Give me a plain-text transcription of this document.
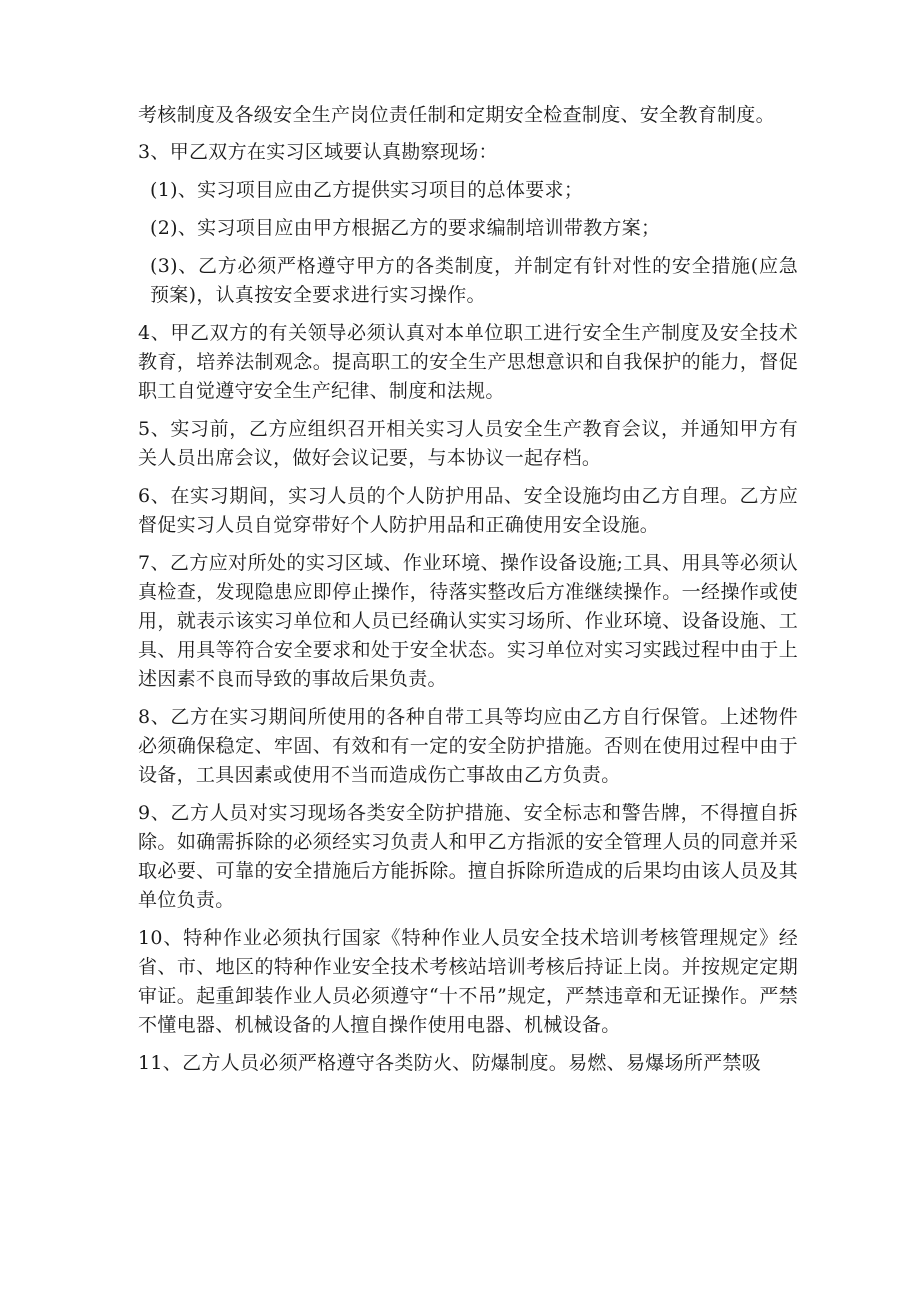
考核制度及各级安全生产岗位责任制和定期安全检查制度、安全教育制度。

3、甲乙双方在实习区域要认真勘察现场：

(1)、实习项目应由乙方提供实习项目的总体要求；

(2)、实习项目应由甲方根据乙方的要求编制培训带教方案；

(3)、乙方必须严格遵守甲方的各类制度，并制定有针对性的安全措施(应急预案)，认真按安全要求进行实习操作。

4、甲乙双方的有关领导必须认真对本单位职工进行安全生产制度及安全技术教育，培养法制观念。提高职工的安全生产思想意识和自我保护的能力，督促职工自觉遵守安全生产纪律、制度和法规。

5、实习前，乙方应组织召开相关实习人员安全生产教育会议，并通知甲方有关人员出席会议，做好会议记要，与本协议一起存档。

6、在实习期间，实习人员的个人防护用品、安全设施均由乙方自理。乙方应督促实习人员自觉穿带好个人防护用品和正确使用安全设施。

7、乙方应对所处的实习区域、作业环境、操作设备设施;工具、用具等必须认真检查，发现隐患应即停止操作，待落实整改后方准继续操作。一经操作或使用，就表示该实习单位和人员已经确认实实习场所、作业环境、设备设施、工具、用具等符合安全要求和处于安全状态。实习单位对实习实践过程中由于上述因素不良而导致的事故后果负责。

8、乙方在实习期间所使用的各种自带工具等均应由乙方自行保管。上述物件必须确保稳定、牢固、有效和有一定的安全防护措施。否则在使用过程中由于设备，工具因素或使用不当而造成伤亡事故由乙方负责。

9、乙方人员对实习现场各类安全防护措施、安全标志和警告牌，不得擅自拆除。如确需拆除的必须经实习负责人和甲乙方指派的安全管理人员的同意并采取必要、可靠的安全措施后方能拆除。擅自拆除所造成的后果均由该人员及其单位负责。

10、特种作业必须执行国家《特种作业人员安全技术培训考核管理规定》经省、市、地区的特种作业安全技术考核站培训考核后持证上岗。并按规定定期审证。起重卸装作业人员必须遵守“十不吊”规定，严禁违章和无证操作。严禁不懂电器、机械设备的人擅自操作使用电器、机械设备。

11、乙方人员必须严格遵守各类防火、防爆制度。易燃、易爆场所严禁吸
